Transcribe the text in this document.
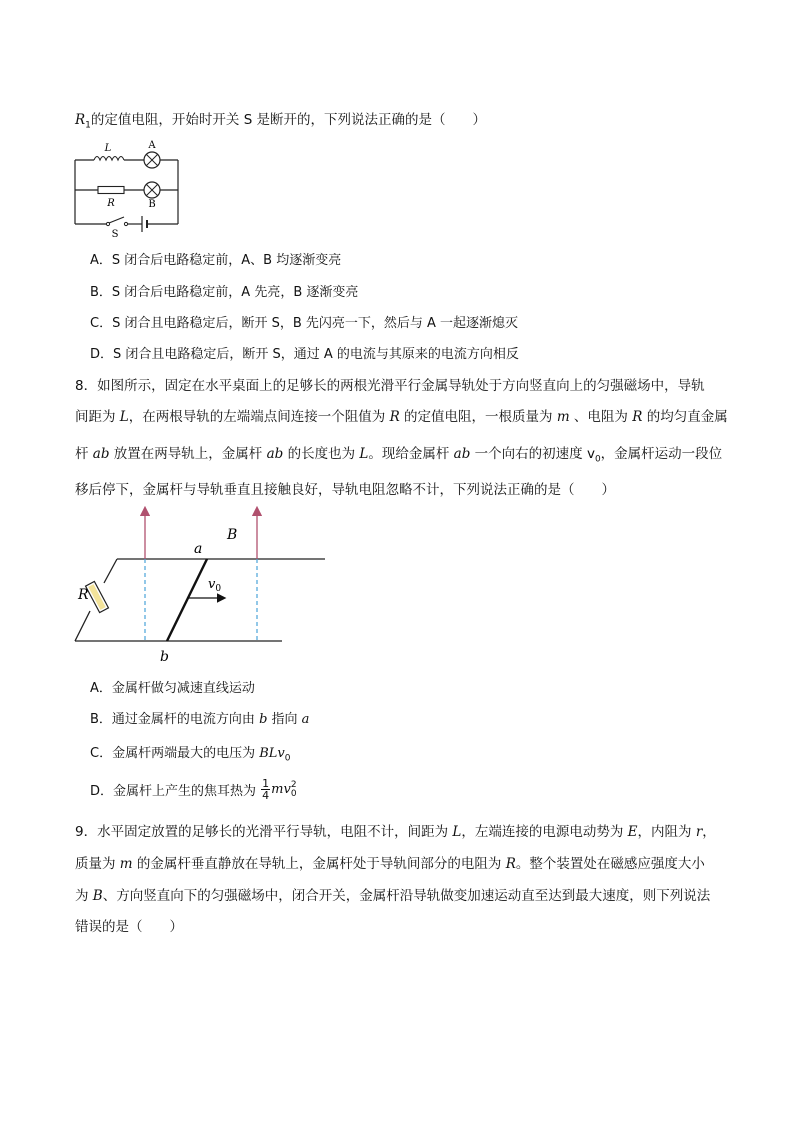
$R_1$的定值电阻，开始时开关 S 是断开的，下列说法正确的是（　　）
L	A
R	B
S
A．S 闭合后电路稳定前，A、B 均逐渐变亮
B．S 闭合后电路稳定前，A 先亮，B 逐渐变亮
C．S 闭合且电路稳定后，断开 S，B 先闪亮一下，然后与 A 一起逐渐熄灭
D．S 闭合且电路稳定后，断开 S，通过 A 的电流与其原来的电流方向相反
8．如图所示，固定在水平桌面上的足够长的两根光滑平行金属导轨处于方向竖直向上的匀强磁场中，导轨
间距为 L，在两根导轨的左端端点间连接一个阻值为 R 的定值电阻，一根质量为 m 、电阻为 R 的均匀直金属
杆 ab 放置在两导轨上，金属杆 ab 的长度也为 L。现给金属杆 ab 一个向右的初速度 $v_0$，金属杆运动一段位
移后停下，金属杆与导轨垂直且接触良好，导轨电阻忽略不计，下列说法正确的是（　　）
R
a
b
$v_0$
B
A．金属杆做匀减速直线运动
B．通过金属杆的电流方向由 b 指向 a
C．金属杆两端最大的电压为 BLv$_0$
D．金属杆上产生的焦耳热为 $\frac{1}{4}$ mv 2
0
9．水平固定放置的足够长的光滑平行导轨，电阻不计，间距为 L，左端连接的电源电动势为 E，内阻为 r，
质量为 m 的金属杆垂直静放在导轨上，金属杆处于导轨间部分的电阻为 R。整个装置处在磁感应强度大小
为 B、方向竖直向下的匀强磁场中，闭合开关，金属杆沿导轨做变加速运动直至达到最大速度，则下列说法
错误的是（　　）
